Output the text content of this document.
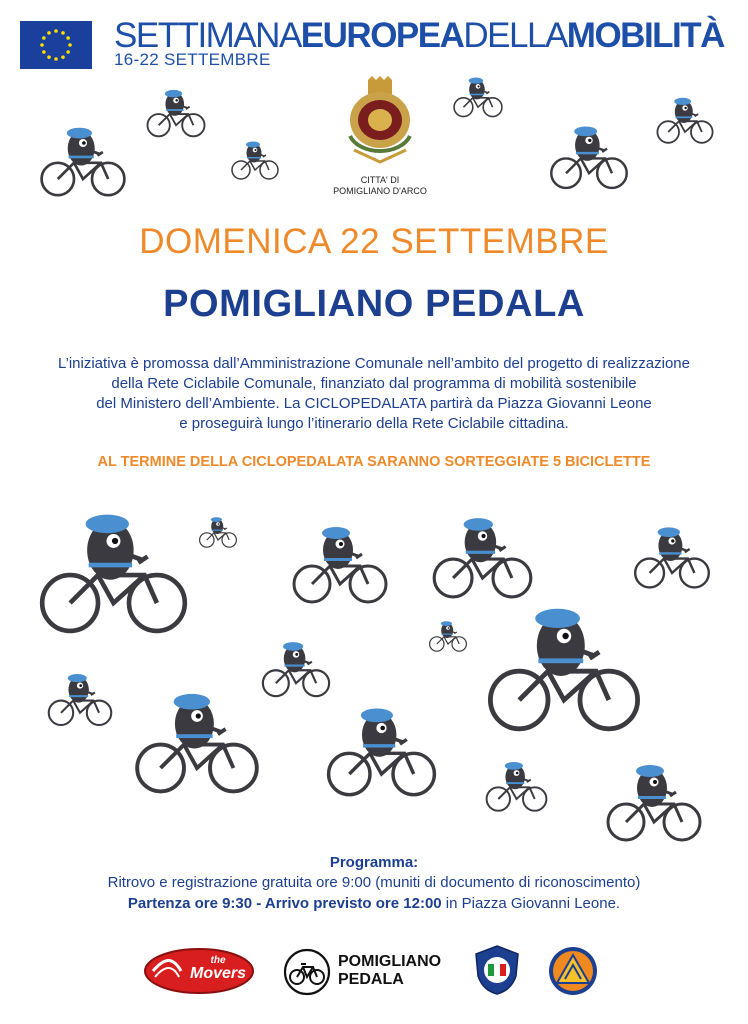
SETTIMANAEUROPEADELLAMOBILITÀ
16-22 SETTEMBRE
CITTA' DI
POMIGLIANO D'ARCO
DOMENICA 22 SETTEMBRE
POMIGLIANO PEDALA
L’iniziativa è promossa dall’Amministrazione Comunale nell’ambito del progetto di realizzazione
della Rete Ciclabile Comunale, finanziato dal programma di mobilità sostenibile
del Ministero dell’Ambiente. La CICLOPEDALATA partirà da Piazza Giovanni Leone
e proseguirà lungo l’itinerario della Rete Ciclabile cittadina.
AL TERMINE DELLA CICLOPEDALATA SARANNO SORTEGGIATE 5 BICICLETTE
Programma:
Ritrovo e registrazione gratuita ore 9:00 (muniti di documento di riconoscimento)
Partenza ore 9:30 - Arrivo previsto ore 12:00 in Piazza Giovanni Leone.
the
Movers
POMIGLIANO
PEDALA
